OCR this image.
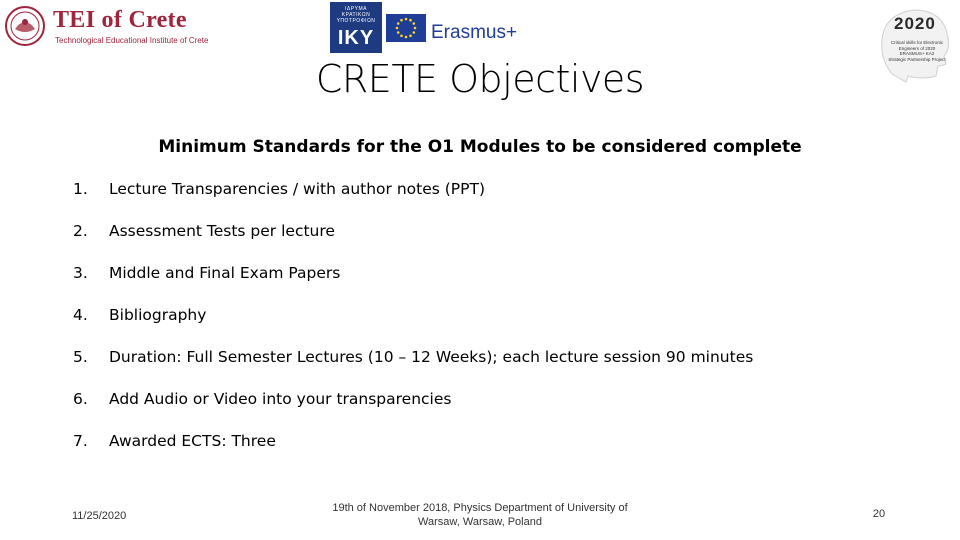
TEI of Crete
Technological Educational Institute of Crete
ΙΔΡΥΜΑ
ΚΡΑΤΙΚΩΝ
ΥΠΟΤΡΟΦΙΩΝ
IKY	Erasmus+	2020
Critical skills for Electronic
Engineers of 2020
ERASMUS+ KA2
Strategic Partnership Project
CRETE Objectives
Minimum Standards for the O1 Modules to be considered complete
1. Lecture Transparencies / with author notes (PPT)
2. Assessment Tests per lecture
3. Middle and Final Exam Papers
4. Bibliography
5. Duration: Full Semester Lectures (10 – 12 Weeks); each lecture session 90 minutes
6. Add Audio or Video into your transparencies
7. Awarded ECTS: Three
11/25/2020
19th of November 2018, Physics Department of University of
Warsaw, Warsaw, Poland
20
